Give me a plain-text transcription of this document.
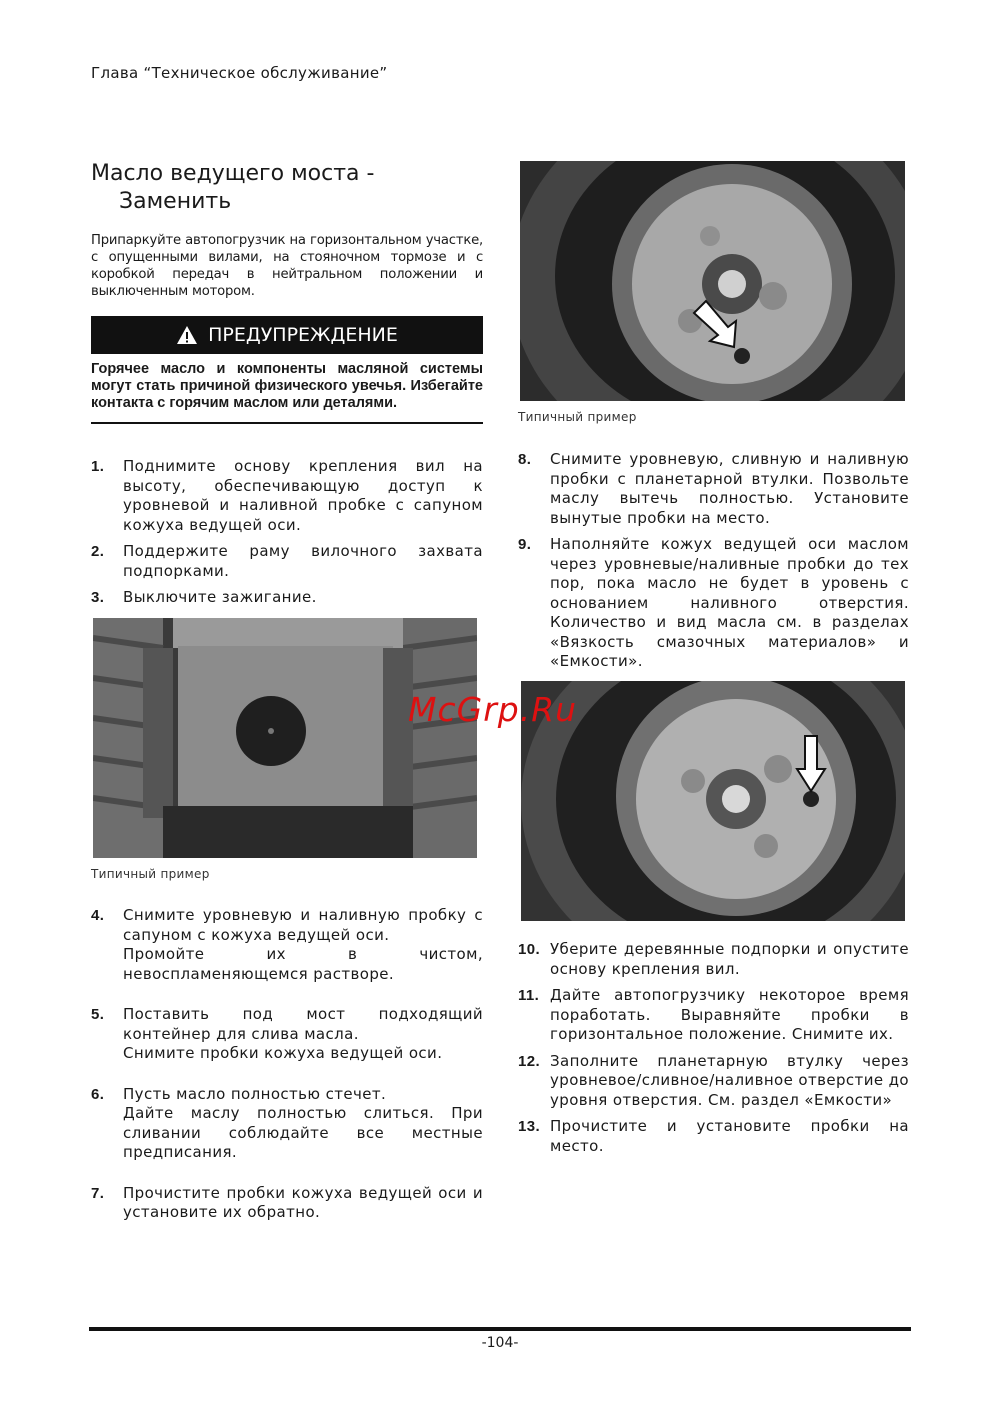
Глава “Техническое обслуживание”
Масло ведущего моста -
Заменить
Припаркуйте автопогрузчик на горизонтальном участке, с опущенными вилами, на стояночном тормозе и с коробкой передач в нейтральном положении и выключенным мотором.
ПРЕДУПРЕЖДЕНИЕ
Горячее масло и компоненты масляной системы могут стать причиной физического увечья. Избегайте контакта с горячим маслом или деталями.
1.	Поднимите основу крепления вил на высоту, обеспечивающую доступ к уровневой и наливной пробке с сапуном кожуха ведущей оси.
2.	Поддержите раму вилочного захвата подпорками.
3.	Выключите зажигание.
Типичный пример
4.	Снимите уровневую и наливную пробку с сапуном с кожуха ведущей оси.

Промойте их в чистом, невоспламеняющемся растворе.

5.	Поставить под мост подходящий контейнер для слива масла.

Снимите пробки кожуха ведущей оси.

6.	Пусть масло полностью стечет.

Дайте маслу полностью слиться. При сливании соблюдайте все местные предписания.

7.	Прочистите пробки кожуха ведущей оси и установите их обратно.

Типичный пример
8.	Снимите уровневую, сливную и наливную пробки с планетарной втулки. Позвольте маслу вытечь полностью. Установите вынутые пробки на место.
9.	Наполняйте кожух ведущей оси маслом через уровневые/наливные пробки до тех пор, пока масло не будет в уровень с основанием наливного отверстия. Количество и вид масла см. в разделах «Вязкость смазочных материалов» и «Емкости».
10. Уберите деревянные подпорки и опустите основу крепления вил.
11. Дайте автопогрузчику некоторое время поработать. Выравняйте пробки в горизонтальное положение. Снимите их.
12. Заполните планетарную втулку через уровневое/сливное/наливное отверстие до уровня отверстия. См. раздел «Емкости»
13. Прочистите и установите пробки на место.
McGrp.Ru
-104-
